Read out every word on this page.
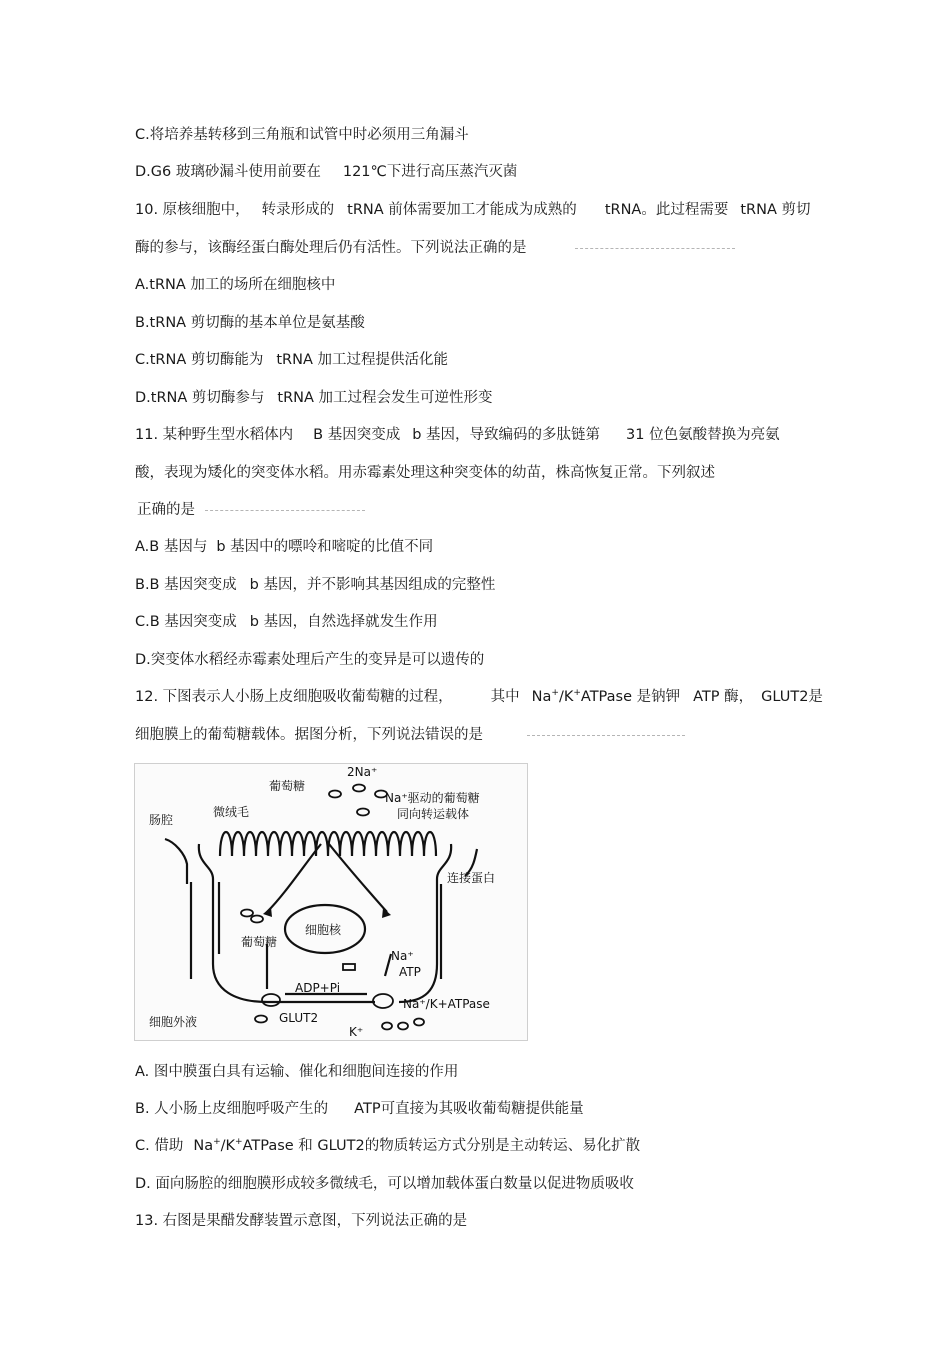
C.将培养基转移到三角瓶和试管中时必须用三角漏斗
D.G6 玻璃砂漏斗使用前要在 121℃下进行高压蒸汽灭菌
10. 原核细胞中， 转录形成的 tRNA 前体需要加工才能成为成熟的 tRNA。此过程需要 tRNA 剪切
酶的参与，该酶经蛋白酶处理后仍有活性。下列说法正确的是
A.tRNA 加工的场所在细胞核中
B.tRNA 剪切酶的基本单位是氨基酸
C.tRNA 剪切酶能为 tRNA 加工过程提供活化能
D.tRNA 剪切酶参与 tRNA 加工过程会发生可逆性形变
11. 某种野生型水稻体内 B 基因突变成 b 基因，导致编码的多肽链第 31 位色氨酸替换为亮氨
酸，表现为矮化的突变体水稻。用赤霉素处理这种突变体的幼苗，株高恢复正常。下列叙述
正确的是
A.B 基因与 b 基因中的嘌呤和嘧啶的比值不同
B.B 基因突变成 b 基因，并不影响其基因组成的完整性
C.B 基因突变成 b 基因，自然选择就发生作用
D.突变体水稻经赤霉素处理后产生的变异是可以遗传的
12. 下图表示人小肠上皮细胞吸收葡萄糖的过程，	其中 Na+/K+ATPase 是钠钾 ATP 酶， GLUT2是
细胞膜上的葡萄糖载体。据图分析，下列说法错误的是
葡萄糖
2Na⁺
Na⁺驱动的葡萄糖
同向转运载体
肠腔
微绒毛
连接蛋白
细胞核
葡萄糖
Na⁺
ATP
ADP+Pi
Na⁺/K+ATPase
细胞外液	GLUT2
K⁺
A. 图中膜蛋白具有运输、催化和细胞间连接的作用
B. 人小肠上皮细胞呼吸产生的 ATP可直接为其吸收葡萄糖提供能量
C. 借助 Na+/K+ATPase 和 GLUT2的物质转运方式分别是主动转运、易化扩散
D. 面向肠腔的细胞膜形成较多微绒毛，可以增加载体蛋白数量以促进物质吸收
13. 右图是果醋发酵装置示意图，下列说法正确的是
